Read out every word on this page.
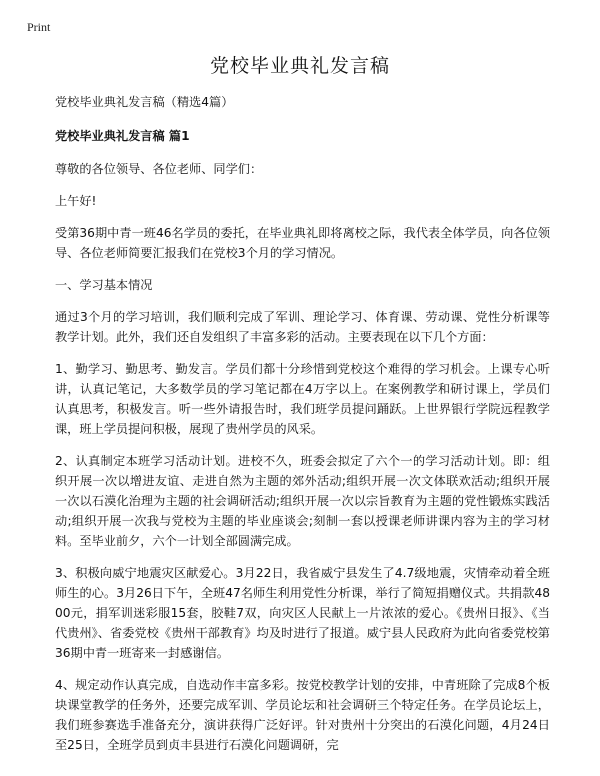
Print
党校毕业典礼发言稿

党校毕业典礼发言稿（精选4篇）

党校毕业典礼发言稿 篇1

尊敬的各位领导、各位老师、同学们：

上午好!

受第36期中青一班46名学员的委托，在毕业典礼即将离校之际，我代表全体学员，向各位领导、各位老师简要汇报我们在党校3个月的学习情况。

一、学习基本情况

通过3个月的学习培训，我们顺利完成了军训、理论学习、体育课、劳动课、党性分析课等教学计划。此外，我们还自发组织了丰富多彩的活动。主要表现在以下几个方面：

1、勤学习、勤思考、勤发言。学员们都十分珍惜到党校这个难得的学习机会。上课专心听讲，认真记笔记，大多数学员的学习笔记都在4万字以上。在案例教学和研讨课上，学员们认真思考，积极发言。听一些外请报告时，我们班学员提问踊跃。上世界银行学院远程教学课，班上学员提问积极，展现了贵州学员的风采。

2、认真制定本班学习活动计划。进校不久，班委会拟定了六个一的学习活动计划。即：组织开展一次以增进友谊、走进自然为主题的郊外活动;组织开展一次文体联欢活动;组织开展一次以石漠化治理为主题的社会调研活动;组织开展一次以宗旨教育为主题的党性锻炼实践活动;组织开展一次我与党校为主题的毕业座谈会;刻制一套以授课老师讲课内容为主的学习材料。至毕业前夕，六个一计划全部圆满完成。

3、积极向威宁地震灾区献爱心。3月22日，我省威宁县发生了4.7级地震，灾情牵动着全班师生的心。3月26日下午，全班47名师生利用党性分析课，举行了简短捐赠仪式。共捐款4800元，捐军训迷彩服15套，胶鞋7双，向灾区人民献上一片浓浓的爱心。《贵州日报》、《当代贵州》、省委党校《贵州干部教育》均及时进行了报道。威宁县人民政府为此向省委党校第36期中青一班寄来一封感谢信。

4、规定动作认真完成，自选动作丰富多彩。按党校教学计划的安排，中青班除了完成8个板块课堂教学的任务外，还要完成军训、学员论坛和社会调研三个特定任务。在学员论坛上，我们班参赛选手准备充分，演讲获得广泛好评。针对贵州十分突出的石漠化问题，4月24日至25日，全班学员到贞丰县进行石漠化问题调研，完
